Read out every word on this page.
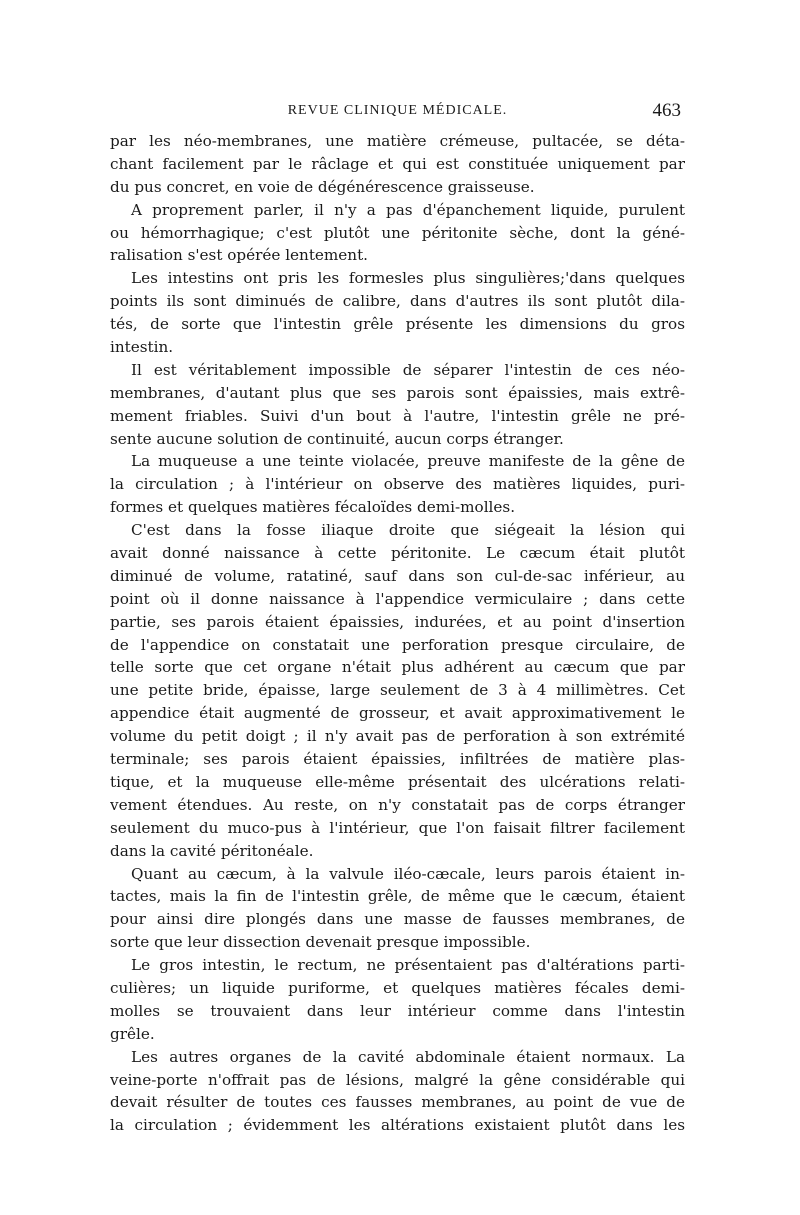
REVUE CLINIQUE MÉDICALE.	463
par les néo-membranes, une matière crémeuse, pultacée, se déta-
chant facilement par le râclage et qui est constituée uniquement par
du pus concret, en voie de dégénérescence graisseuse.
A proprement parler, il n'y a pas d'épanchement liquide, purulent
ou hémorrhagique; c'est plutôt une péritonite sèche, dont la géné-
ralisation s'est opérée lentement.
Les intestins ont pris les formesles plus singulières;'dans quelques
points ils sont diminués de calibre, dans d'autres ils sont plutôt dila-
tés, de sorte que l'intestin grêle présente les dimensions du gros
intestin.
Il est véritablement impossible de séparer l'intestin de ces néo-
membranes, d'autant plus que ses parois sont épaissies, mais extrê-
mement friables. Suivi d'un bout à l'autre, l'intestin grêle ne pré-
sente aucune solution de continuité, aucun corps étranger.
La muqueuse a une teinte violacée, preuve manifeste de la gêne de
la circulation ; à l'intérieur on observe des matières liquides, puri-
formes et quelques matières fécaloïdes demi-molles.
C'est dans la fosse iliaque droite que siégeait la lésion qui
avait donné naissance à cette péritonite. Le cæcum était plutôt
diminué de volume, ratatiné, sauf dans son cul-de-sac inférieur, au
point où il donne naissance à l'appendice vermiculaire ; dans cette
partie, ses parois étaient épaissies, indurées, et au point d'insertion
de l'appendice on constatait une perforation presque circulaire, de
telle sorte que cet organe n'était plus adhérent au cæcum que par
une petite bride, épaisse, large seulement de 3 à 4 millimètres. Cet
appendice était augmenté de grosseur, et avait approximativement le
volume du petit doigt ; il n'y avait pas de perforation à son extrémité
terminale; ses parois étaient épaissies, infiltrées de matière plas-
tique, et la muqueuse elle-même présentait des ulcérations relati-
vement étendues. Au reste, on n'y constatait pas de corps étranger
seulement du muco-pus à l'intérieur, que l'on faisait filtrer facilement
dans la cavité péritonéale.
Quant au cæcum, à la valvule iléo-cæcale, leurs parois étaient in-
tactes, mais la fin de l'intestin grêle, de même que le cæcum, étaient
pour ainsi dire plongés dans une masse de fausses membranes, de
sorte que leur dissection devenait presque impossible.
Le gros intestin, le rectum, ne présentaient pas d'altérations parti-
culières; un liquide puriforme, et quelques matières fécales demi-
molles se trouvaient dans leur intérieur comme dans l'intestin
grêle.
Les autres organes de la cavité abdominale étaient normaux. La
veine-porte n'offrait pas de lésions, malgré la gêne considérable qui
devait résulter de toutes ces fausses membranes, au point de vue de
la circulation ; évidemment les altérations existaient plutôt dans les
